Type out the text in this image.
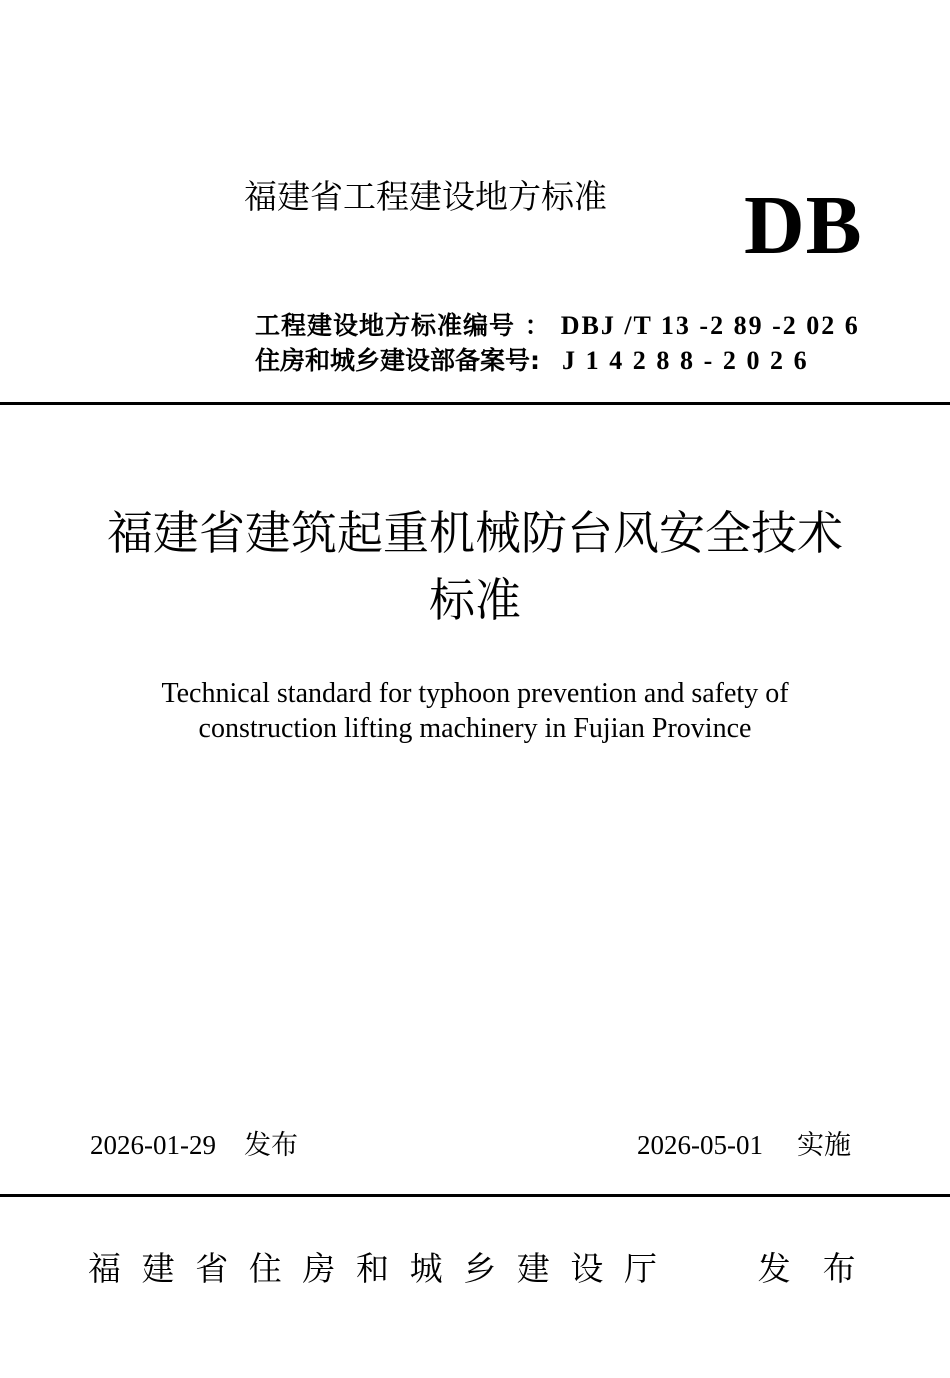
福建省工程建设地方标准 DB
工程建设地方标准编号 ： DBJ /T 13 -2 89 -2 02 6
住房和城乡建设部备案号: J14288-2026
福建省建筑起重机械防台风安全技术
标准
Technical standard for typhoon prevention and safety of
construction lifting machinery in Fujian Province
2026-01-29 发布	2026-05-01 实施
福建省住房和城乡建设厅 发布
